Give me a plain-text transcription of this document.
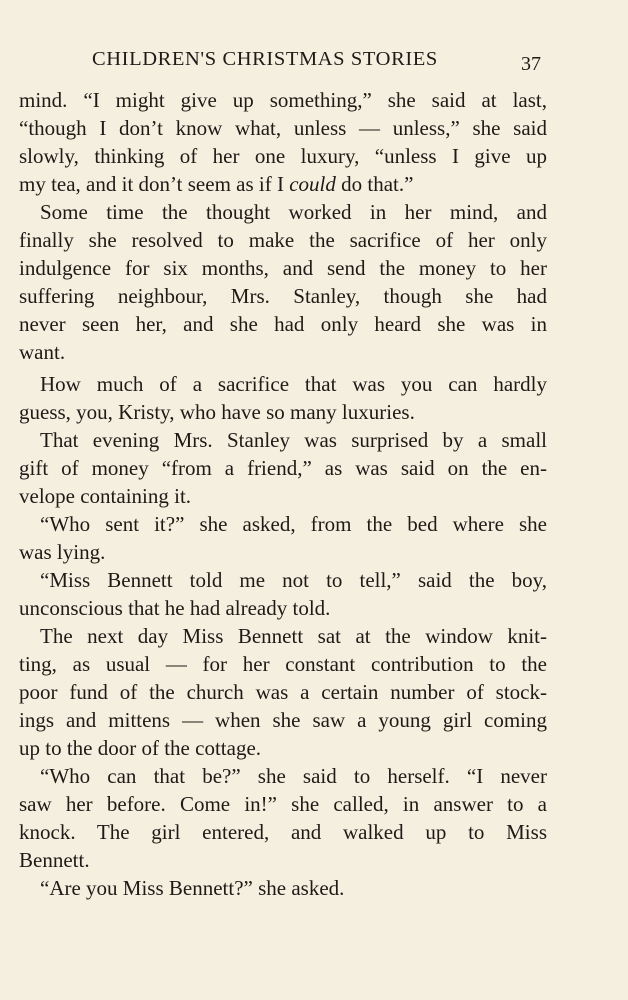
CHILDREN'S CHRISTMAS STORIES	37
mind. “I might give up something,” she said at last,
“though I don’t know what, unless — unless,” she said
slowly, thinking of her one luxury, “unless I give up
my tea, and it don’t seem as if I could do that.”
Some time the thought worked in her mind, and
finally she resolved to make the sacrifice of her only
indulgence for six months, and send the money to her
suffering neighbour, Mrs. Stanley, though she had
never seen her, and she had only heard she was in
want.
How much of a sacrifice that was you can hardly
guess, you, Kristy, who have so many luxuries.
That evening Mrs. Stanley was surprised by a small
gift of money “from a friend,” as was said on the en-
velope containing it.
“Who sent it?” she asked, from the bed where she
was lying.
“Miss Bennett told me not to tell,” said the boy,
unconscious that he had already told.
The next day Miss Bennett sat at the window knit-
ting, as usual — for her constant contribution to the
poor fund of the church was a certain number of stock-
ings and mittens — when she saw a young girl coming
up to the door of the cottage.
“Who can that be?” she said to herself. “I never
saw her before. Come in!” she called, in answer to a
knock. The girl entered, and walked up to Miss
Bennett.
“Are you Miss Bennett?” she asked.
